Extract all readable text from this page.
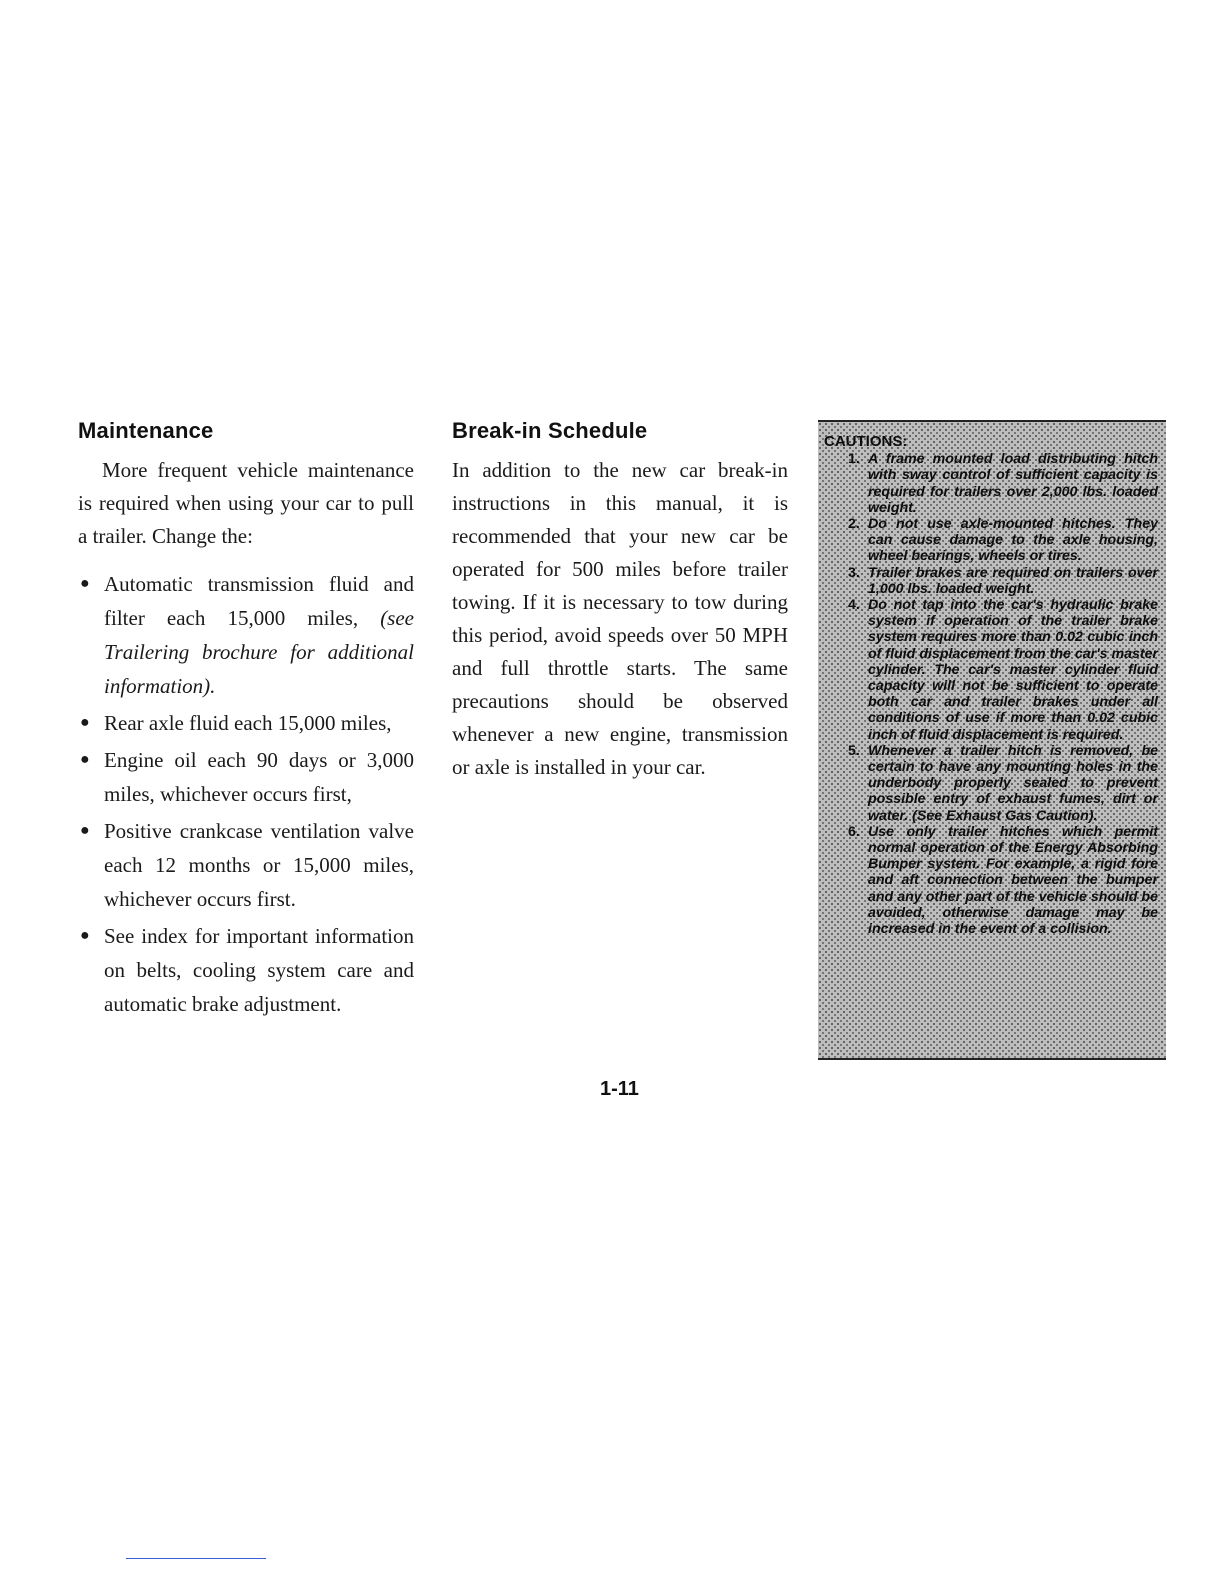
Maintenance

More frequent vehicle maintenance is required when using your car to pull a trailer. Change the:

● Automatic transmission fluid and filter each 15,000 miles, (see Trailering brochure for additional information).
● Rear axle fluid each 15,000 miles,
● Engine oil each 90 days or 3,000 miles, whichever occurs first,
● Positive crankcase ventilation valve each 12 months or 15,000 miles, whichever occurs first.
● See index for important information on belts, cooling system care and automatic brake adjustment.
Break-in Schedule

In addition to the new car break-in instructions in this manual, it is recommended that your new car be operated for 500 miles before trailer towing. If it is necessary to tow during this period, avoid speeds over 50 MPH and full throttle starts. The same precautions should be observed whenever a new engine, transmission or axle is installed in your car.

CAUTIONS:
1. A frame mounted load distributing hitch with sway control of sufficient capacity is required for trailers over 2,000 lbs. loaded weight.
2. Do not use axle-mounted hitches. They can cause damage to the axle housing, wheel bearings, wheels or tires.
3. Trailer brakes are required on trailers over 1,000 lbs. loaded weight.
4. Do not tap into the car's hydraulic brake system if operation of the trailer brake system requires more than 0.02 cubic inch of fluid displacement from the car's master cylinder. The car's master cylinder fluid capacity will not be sufficient to operate both car and trailer brakes under all conditions of use if more than 0.02 cubic inch of fluid displacement is required.
5. Whenever a trailer hitch is removed, be certain to have any mounting holes in the underbody properly sealed to prevent possible entry of exhaust fumes, dirt or water. (See Exhaust Gas Caution).
6. Use only trailer hitches which permit normal operation of the Energy Absorbing Bumper system. For example, a rigid fore and aft connection between the bumper and any other part of the vehicle should be avoided, otherwise damage may be increased in the event of a collision.
1-11
